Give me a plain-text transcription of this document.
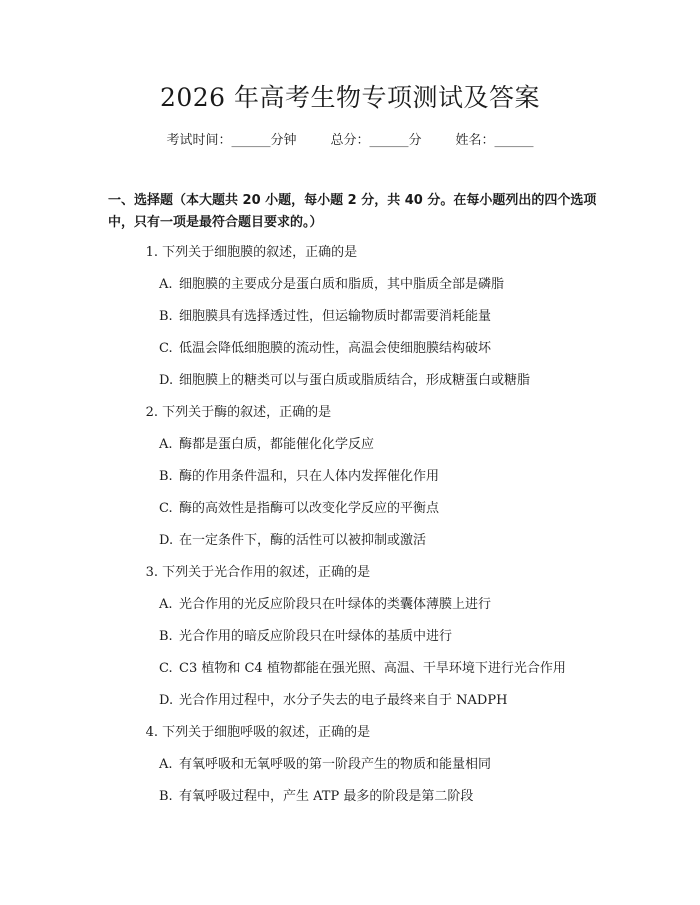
2026 年高考生物专项测试及答案
考试时间：______分钟	总分：______分	姓名：______
一、选择题（本大题共 20 小题，每小题 2 分，共 40 分。在每小题列出的四个选项中，只有一项是最符合题目要求的。）
1. 下列关于细胞膜的叙述，正确的是
A. 细胞膜的主要成分是蛋白质和脂质，其中脂质全部是磷脂
B. 细胞膜具有选择透过性，但运输物质时都需要消耗能量
C. 低温会降低细胞膜的流动性，高温会使细胞膜结构破坏
D. 细胞膜上的糖类可以与蛋白质或脂质结合，形成糖蛋白或糖脂
2. 下列关于酶的叙述，正确的是
A. 酶都是蛋白质，都能催化化学反应
B. 酶的作用条件温和，只在人体内发挥催化作用
C. 酶的高效性是指酶可以改变化学反应的平衡点
D. 在一定条件下，酶的活性可以被抑制或激活
3. 下列关于光合作用的叙述，正确的是
A. 光合作用的光反应阶段只在叶绿体的类囊体薄膜上进行
B. 光合作用的暗反应阶段只在叶绿体的基质中进行
C. C3 植物和 C4 植物都能在强光照、高温、干旱环境下进行光合作用
D. 光合作用过程中，水分子失去的电子最终来自于 NADPH
4. 下列关于细胞呼吸的叙述，正确的是
A. 有氧呼吸和无氧呼吸的第一阶段产生的物质和能量相同
B. 有氧呼吸过程中，产生 ATP 最多的阶段是第二阶段
